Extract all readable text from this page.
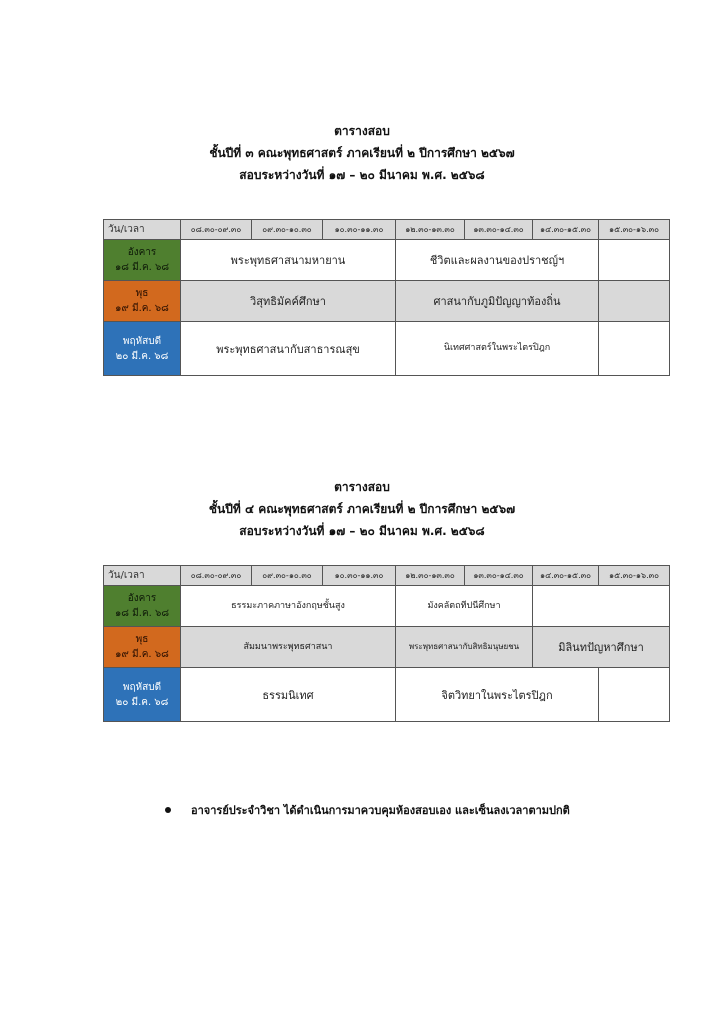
ตารางสอบ
ชั้นปีที่ ๓ คณะพุทธศาสตร์ ภาคเรียนที่ ๒ ปีการศึกษา ๒๕๖๗
สอบระหว่างวันที่ ๑๗ – ๒๐ มีนาคม พ.ศ. ๒๕๖๘
วัน/เวลา	๐๘.๓๐-๐๙.๓๐	๐๙.๓๐-๑๐.๓๐	๑๐.๓๐-๑๑.๓๐	๑๒.๓๐-๑๓.๓๐	๑๓.๓๐-๑๔.๓๐	๑๔.๓๐-๑๕.๓๐	๑๕.๓๐-๑๖.๓๐

อังคาร
๑๘ มี.ค. ๖๘	พระพุทธศาสนามหายาน			ชีวิตและผลงานของปราชญ์ฯ			

พุธ
๑๙ มี.ค. ๖๘	วิสุทธิมัคค์ศึกษา			ศาสนากับภูมิปัญญาท้องถิ่น			

พฤหัสบดี
๒๐ มี.ค. ๖๘	พระพุทธศาสนากับสาธารณสุข			นิเทศศาสตร์ในพระไตรปิฎก			
ตารางสอบ
ชั้นปีที่ ๔ คณะพุทธศาสตร์ ภาคเรียนที่ ๒ ปีการศึกษา ๒๕๖๗
สอบระหว่างวันที่ ๑๗ – ๒๐ มีนาคม พ.ศ. ๒๕๖๘
วัน/เวลา	๐๘.๓๐-๐๙.๓๐	๐๙.๓๐-๑๐.๓๐	๑๐.๓๐-๑๑.๓๐	๑๒.๓๐-๑๓.๓๐	๑๓.๓๐-๑๔.๓๐	๑๔.๓๐-๑๕.๓๐	๑๕.๓๐-๑๖.๓๐

อังคาร
๑๘ มี.ค. ๖๘	ธรรมะภาคภาษาอังกฤษชั้นสูง			มังคลัตถทีปนีศึกษา			

พุธ
๑๙ มี.ค. ๖๘	สัมมนาพระพุทธศาสนา			พระพุทธศาสนากับสิทธิมนุษยชน		มิลินทปัญหาศึกษา	

พฤหัสบดี
๒๐ มี.ค. ๖๘	ธรรมนิเทศ			จิตวิทยาในพระไตรปิฎก			
อาจารย์ประจำวิชา ได้ดำเนินการมาควบคุมห้องสอบเอง และเซ็นลงเวลาตามปกติ
